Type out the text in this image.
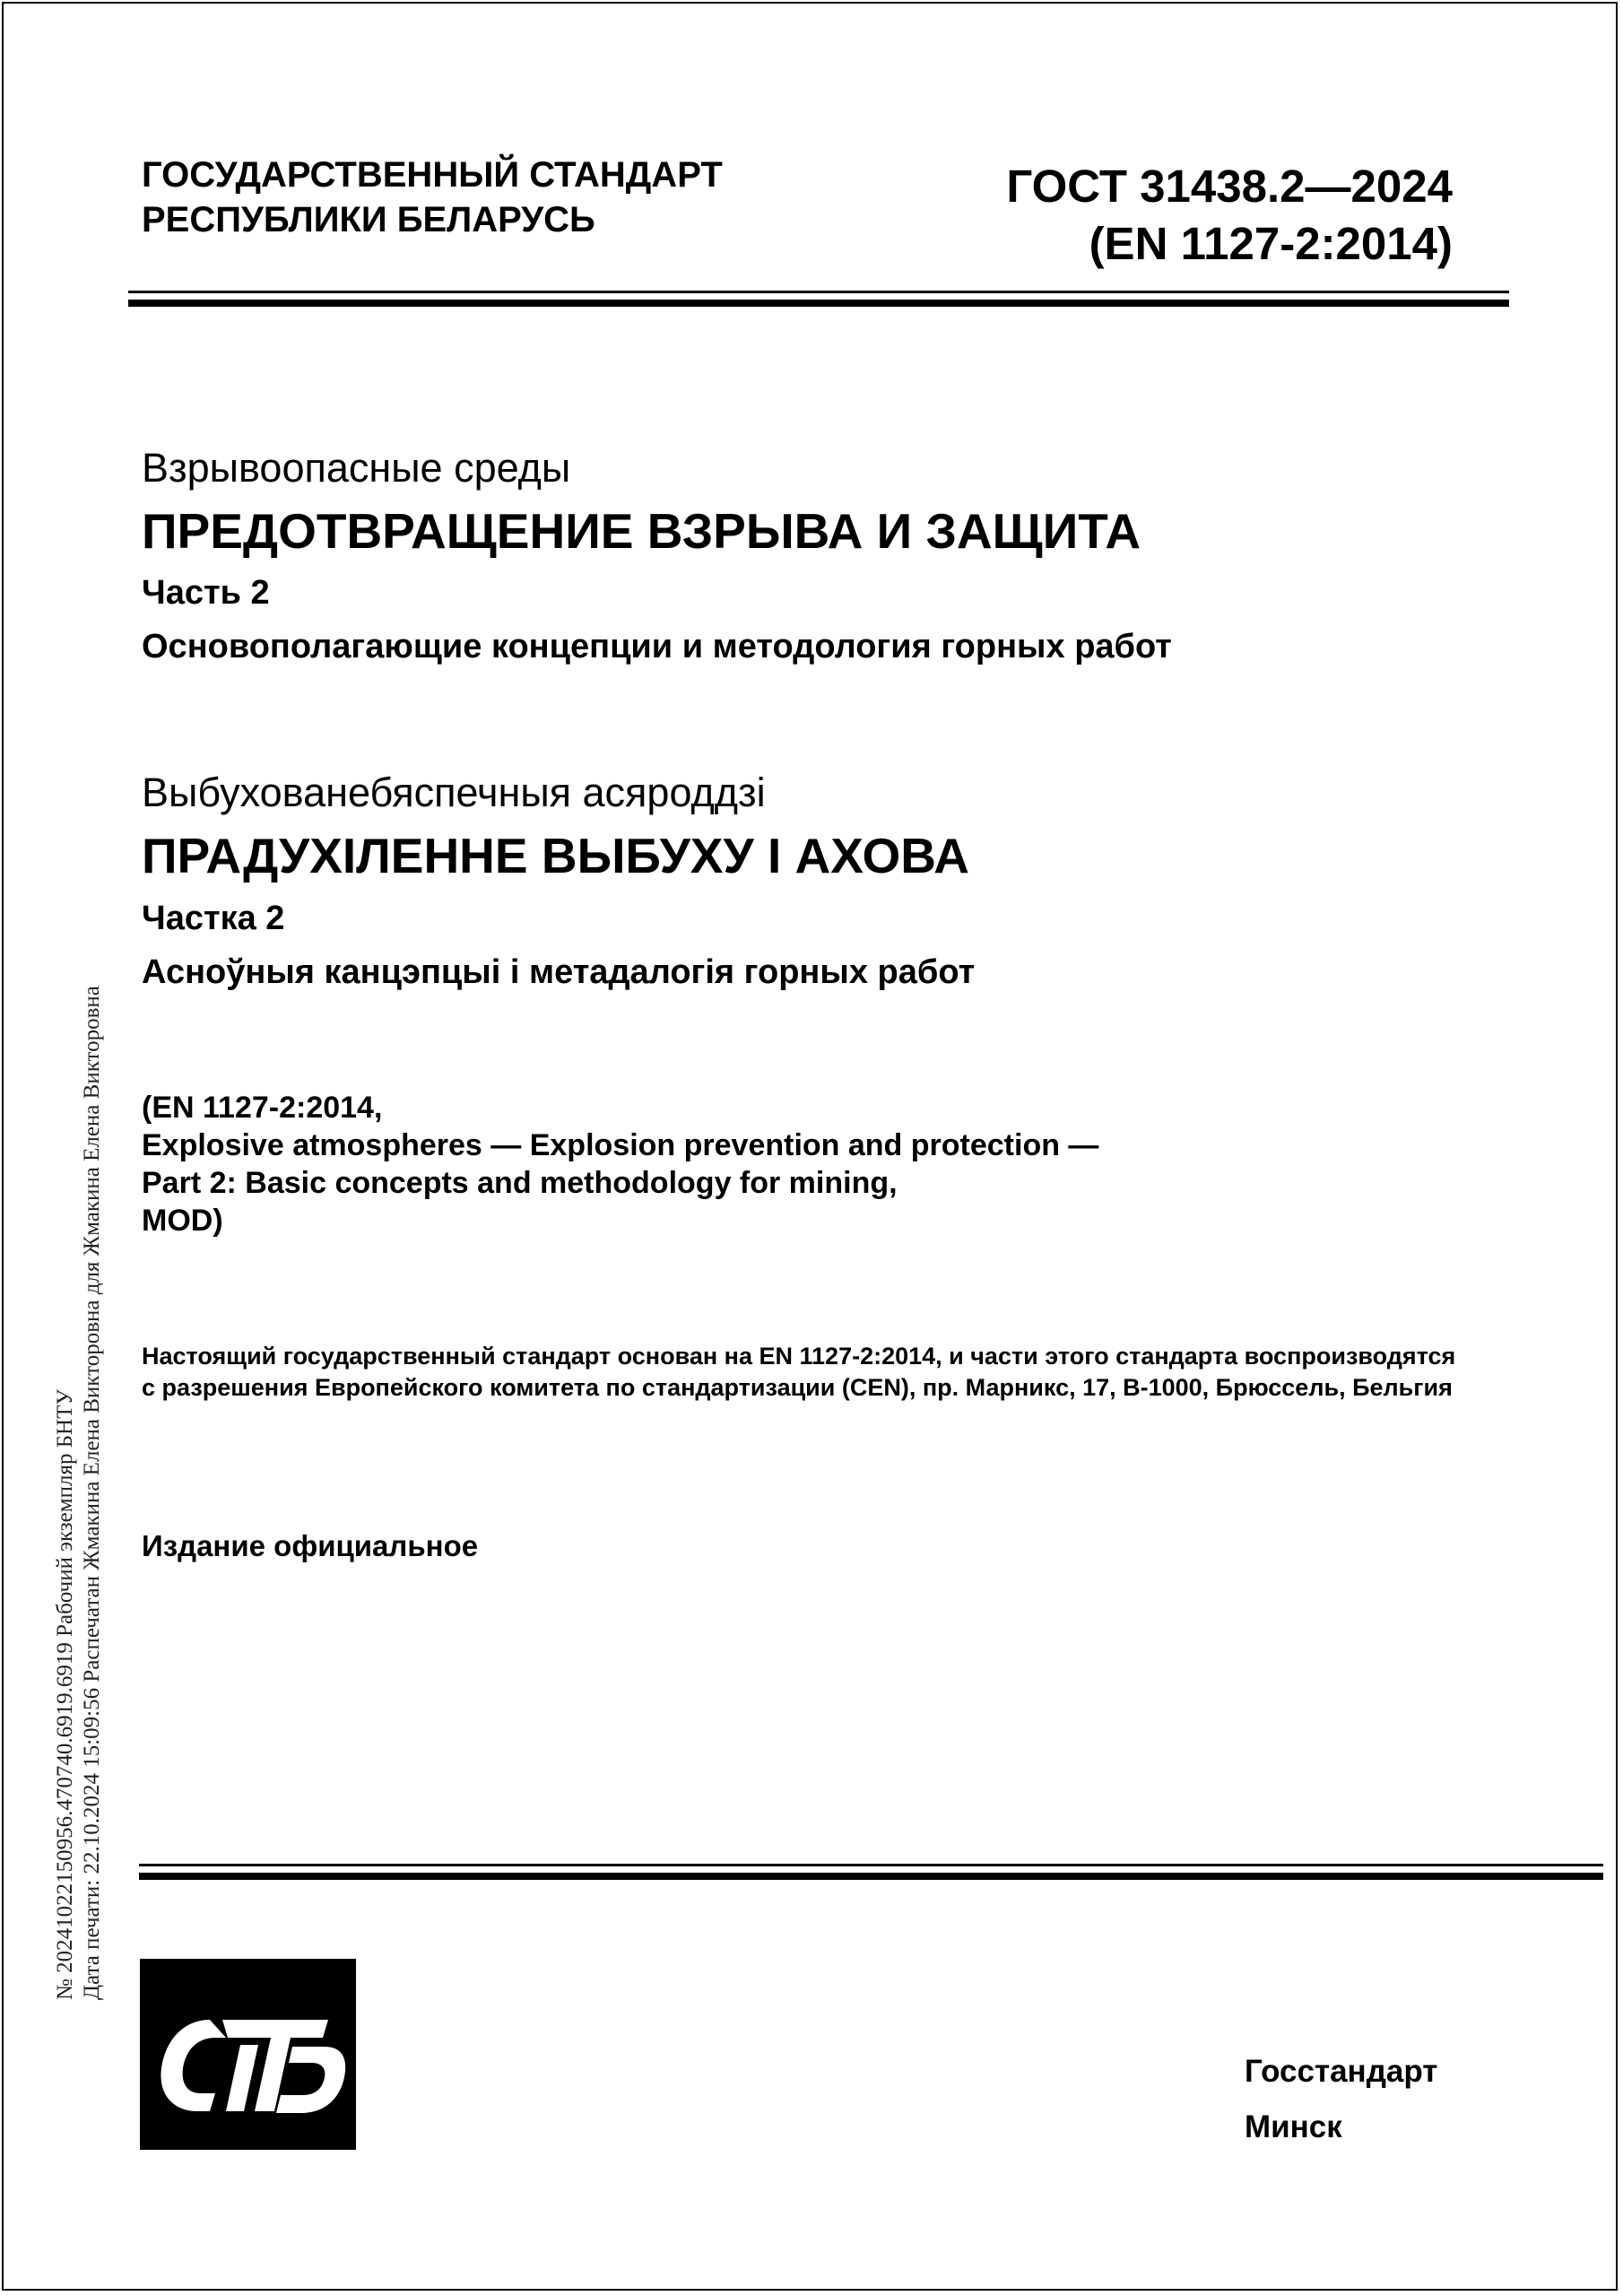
ГОСУДАРСТВЕННЫЙ СТАНДАРТ
РЕСПУБЛИКИ БЕЛАРУСЬ
ГОСТ 31438.2—2024
(EN 1127-2:2014)
Взрывоопасные среды
ПРЕДОТВРАЩЕНИЕ ВЗРЫВА И ЗАЩИТА
Часть 2
Основополагающие концепции и методология горных работ
Выбухованебяспечныя асяроддзі
ПРАДУХІЛЕННЕ ВЫБУХУ І АХОВА
Частка 2
Асноўныя канцэпцыі і метадалогія горных работ
(EN 1127-2:2014,
Explosive atmospheres — Explosion prevention and protection —
Part 2: Basic concepts and methodology for mining,
MOD)
Настоящий государственный стандарт основан на EN 1127-2:2014, и части этого стандарта воспроизводятся
с разрешения Европейского комитета по стандартизации (CEN), пр. Марникс, 17, B-1000, Брюссель, Бельгия
Издание официальное
№ 20241022150956.470740.6919.6919 Рабочий экземпляр БНТУ Дата печати: 22.10.2024 15:09:56 Распечатан Жмакина Елена Викторовна для Жмакина Елена Викторовна
Госстандарт
Минск
